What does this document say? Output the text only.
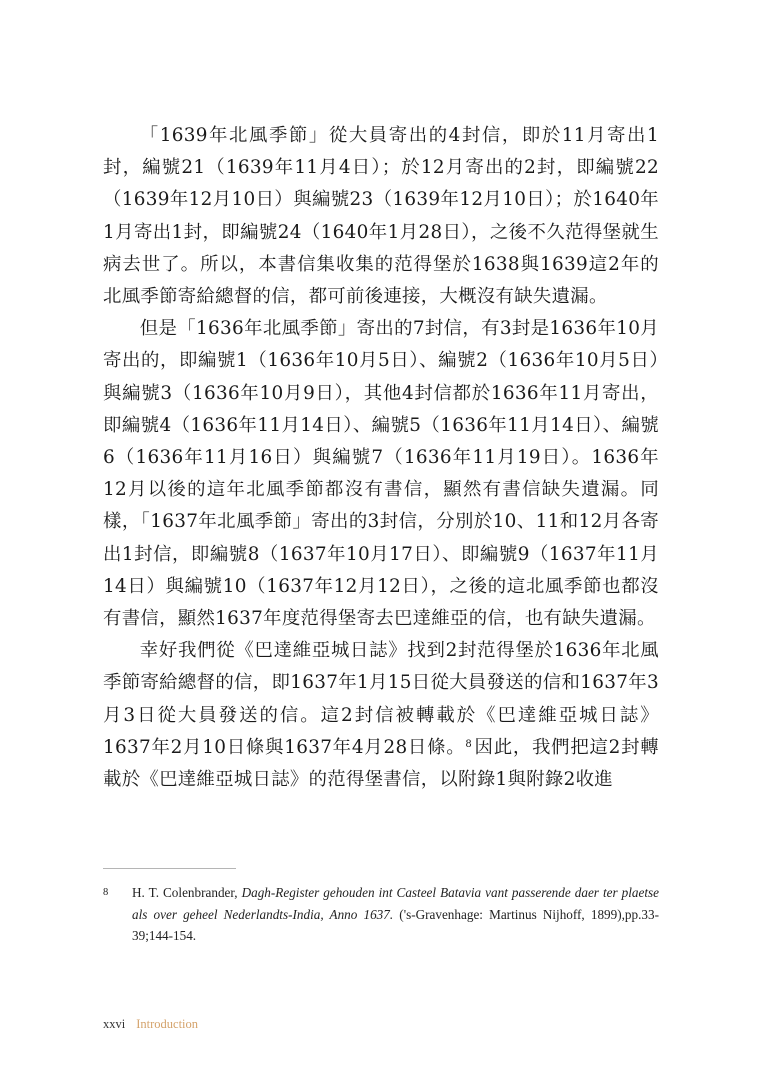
「1639年北風季節」從大員寄出的4封信，即於11月寄出1封，編號21（1639年11月4日）；於12月寄出的2封，即編號22（1639年12月10日）與編號23（1639年12月10日）；於1640年1月寄出1封，即編號24（1640年1月28日），之後不久范得堡就生病去世了。所以，本書信集收集的范得堡於1638與1639這2年的北風季節寄給總督的信，都可前後連接，大概沒有缺失遺漏。

但是「1636年北風季節」寄出的7封信，有3封是1636年10月寄出的，即編號1（1636年10月5日）、編號2（1636年10月5日）與編號3（1636年10月9日），其他4封信都於1636年11月寄出，即編號4（1636年11月14日）、編號5（1636年11月14日）、編號6（1636年11月16日）與編號7（1636年11月19日）。1636年12月以後的這年北風季節都沒有書信，顯然有書信缺失遺漏。同樣，「1637年北風季節」寄出的3封信，分別於10、11和12月各寄出1封信，即編號8（1637年10月17日）、即編號9（1637年11月14日）與編號10（1637年12月12日），之後的這北風季節也都沒有書信，顯然1637年度范得堡寄去巴達維亞的信，也有缺失遺漏。

幸好我們從《巴達維亞城日誌》找到2封范得堡於1636年北風季節寄給總督的信，即1637年1月15日從大員發送的信和1637年3月3日從大員發送的信。這2封信被轉載於《巴達維亞城日誌》1637年2月10日條與1637年4月28日條。$^8$ 因此，我們把這2封轉載於《巴達維亞城日誌》的范得堡書信，以附錄1與附錄2收進

8 H. T. Colenbrander, Dagh-Register gehouden int Casteel Batavia vant passerende daer ter plaetse als over geheel Nederlandts-India, Anno 1637. ('s-Gravenhage: Martinus Nijhoff, 1899),pp.33-39;144-154.
xxvi Introduction
